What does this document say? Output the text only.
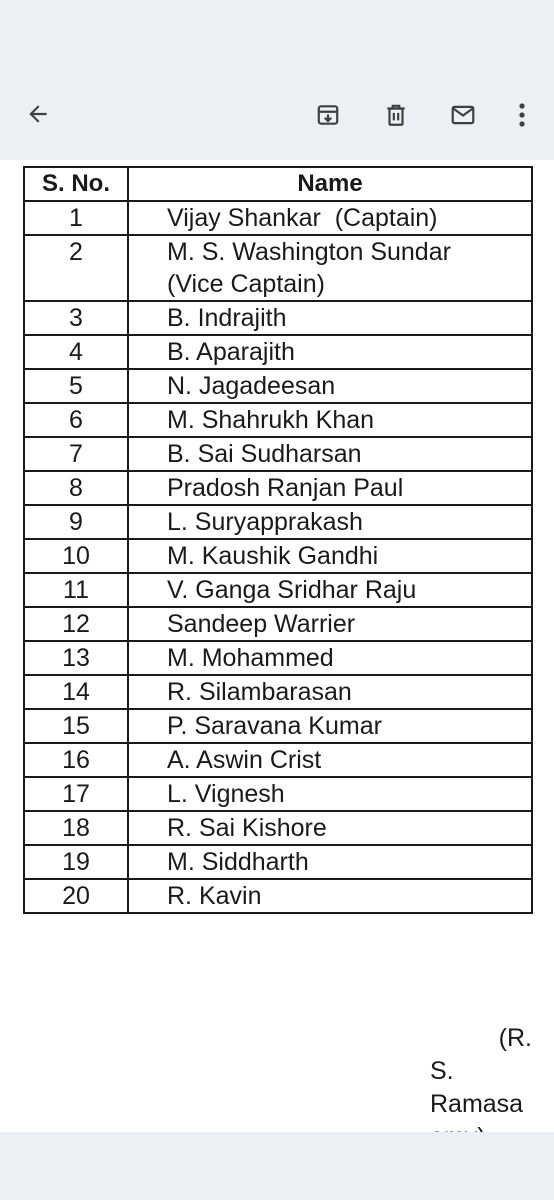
S. No.	Name
1	Vijay Shankar  (Captain)
2	M. S. Washington Sundar
(Vice Captain)

3	B. Indrajith
4	B. Aparajith
5	N. Jagadeesan
6	M. Shahrukh Khan
7	B. Sai Sudharsan
8	Pradosh Ranjan Paul
9	L. Suryapprakash
10	M. Kaushik Gandhi
11	V. Ganga Sridhar Raju
12	Sandeep Warrier
13	M. Mohammed
14	R. Silambarasan
15	P. Saravana Kumar
16	A. Aswin Crist
17	L. Vignesh
18	R. Sai Kishore
19	M. Siddharth
20	R. Kavin
(R.
S.
Ramasa
